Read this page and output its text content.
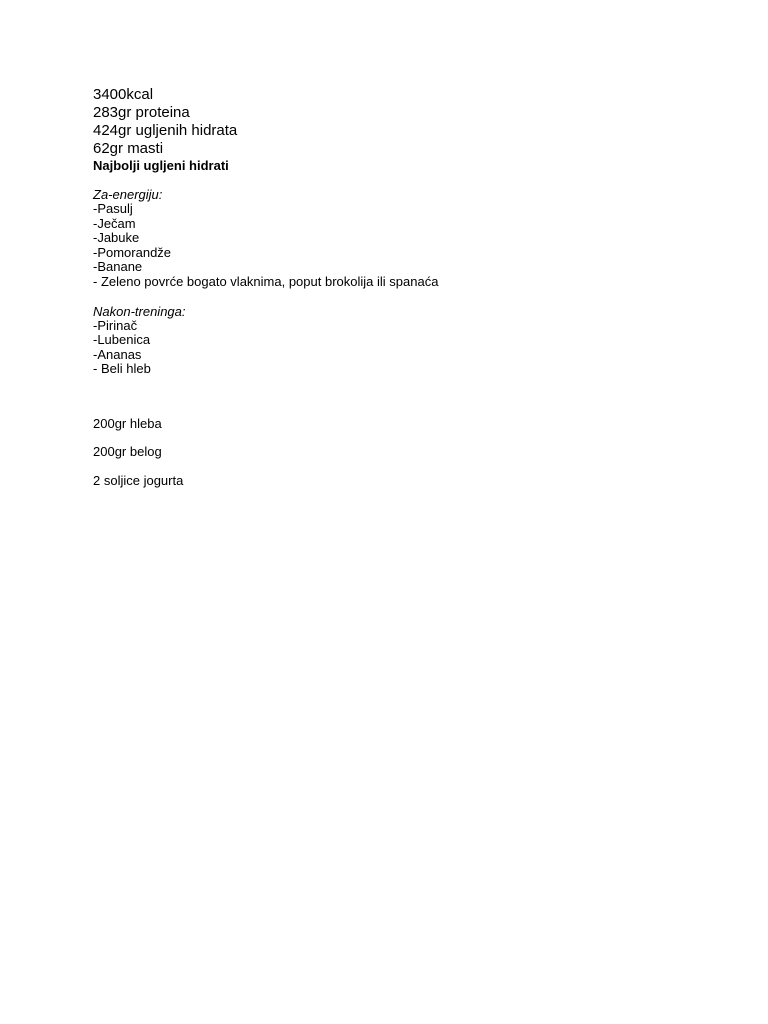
3400kcal

283gr proteina

424gr ugljenih hidrata

62gr masti

Najbolji ugljeni hidrati

Za-energiju:

-Pasulj

-Ječam

-Jabuke

-Pomorandže

-Banane

- Zeleno povrće bogato vlaknima, poput brokolija ili spanaća

Nakon-treninga:

-Pirinač

-Lubenica

-Ananas

- Beli hleb

200gr hleba

200gr belog

2 soljice jogurta
